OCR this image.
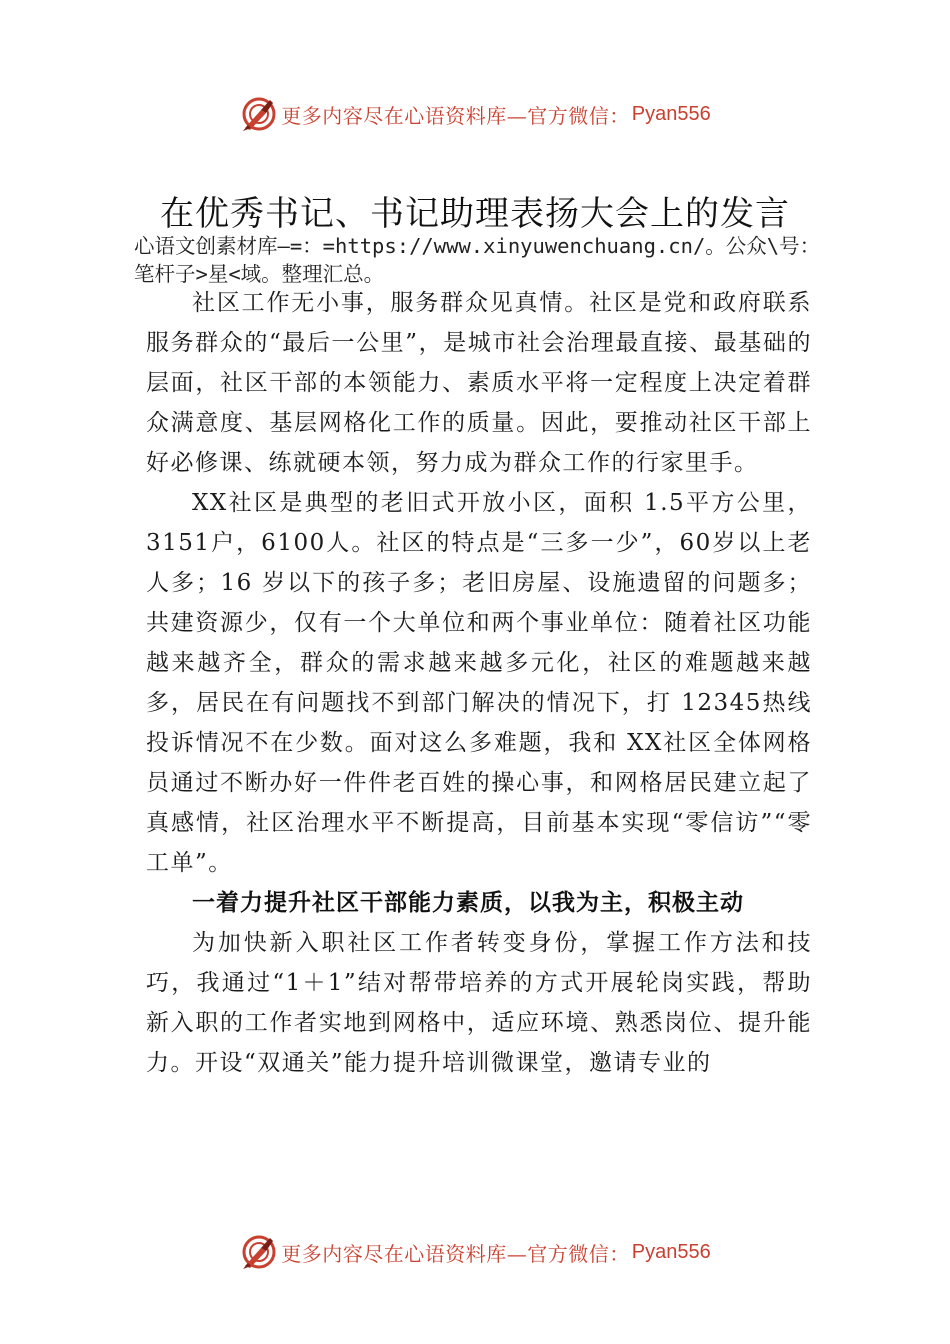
更多内容尽在心语资料库—官方微信： Pyan556
在优秀书记、书记助理表扬大会上的发言
心语文创素材库—=：=https://www.xinyuwenchuang.cn/。公众\号：笔杆子>星<域。整理汇总。

社区工作无小事，服务群众见真情。社区是党和政府联系服务群众的“最后一公里”，是城市社会治理最直接、最基础的层面，社区干部的本领能力、素质水平将一定程度上决定着群众满意度、基层网格化工作的质量。因此，要推动社区干部上好必修课、练就硬本领，努力成为群众工作的行家里手。

XX社区是典型的老旧式开放小区，面积 1.5平方公里，3151户，6100人。社区的特点是“三多一少”，60岁以上老人多；16 岁以下的孩子多；老旧房屋、设施遗留的问题多；共建资源少，仅有一个大单位和两个事业单位：随着社区功能越来越齐全，群众的需求越来越多元化，社区的难题越来越多，居民在有问题找不到部门解决的情况下，打 12345热线投诉情况不在少数。面对这么多难题，我和 XX社区全体网格员通过不断办好一件件老百姓的操心事，和网格居民建立起了真感情，社区治理水平不断提高，目前基本实现“零信访”“零工单”。

一着力提升社区干部能力素质，以我为主，积极主动

为加快新入职社区工作者转变身份，掌握工作方法和技巧，我通过“1＋1”结对帮带培养的方式开展轮岗实践，帮助新入职的工作者实地到网格中，适应环境、熟悉岗位、提升能力。开设“双通关”能力提升培训微课堂，邀请专业的

更多内容尽在心语资料库—官方微信： Pyan556
